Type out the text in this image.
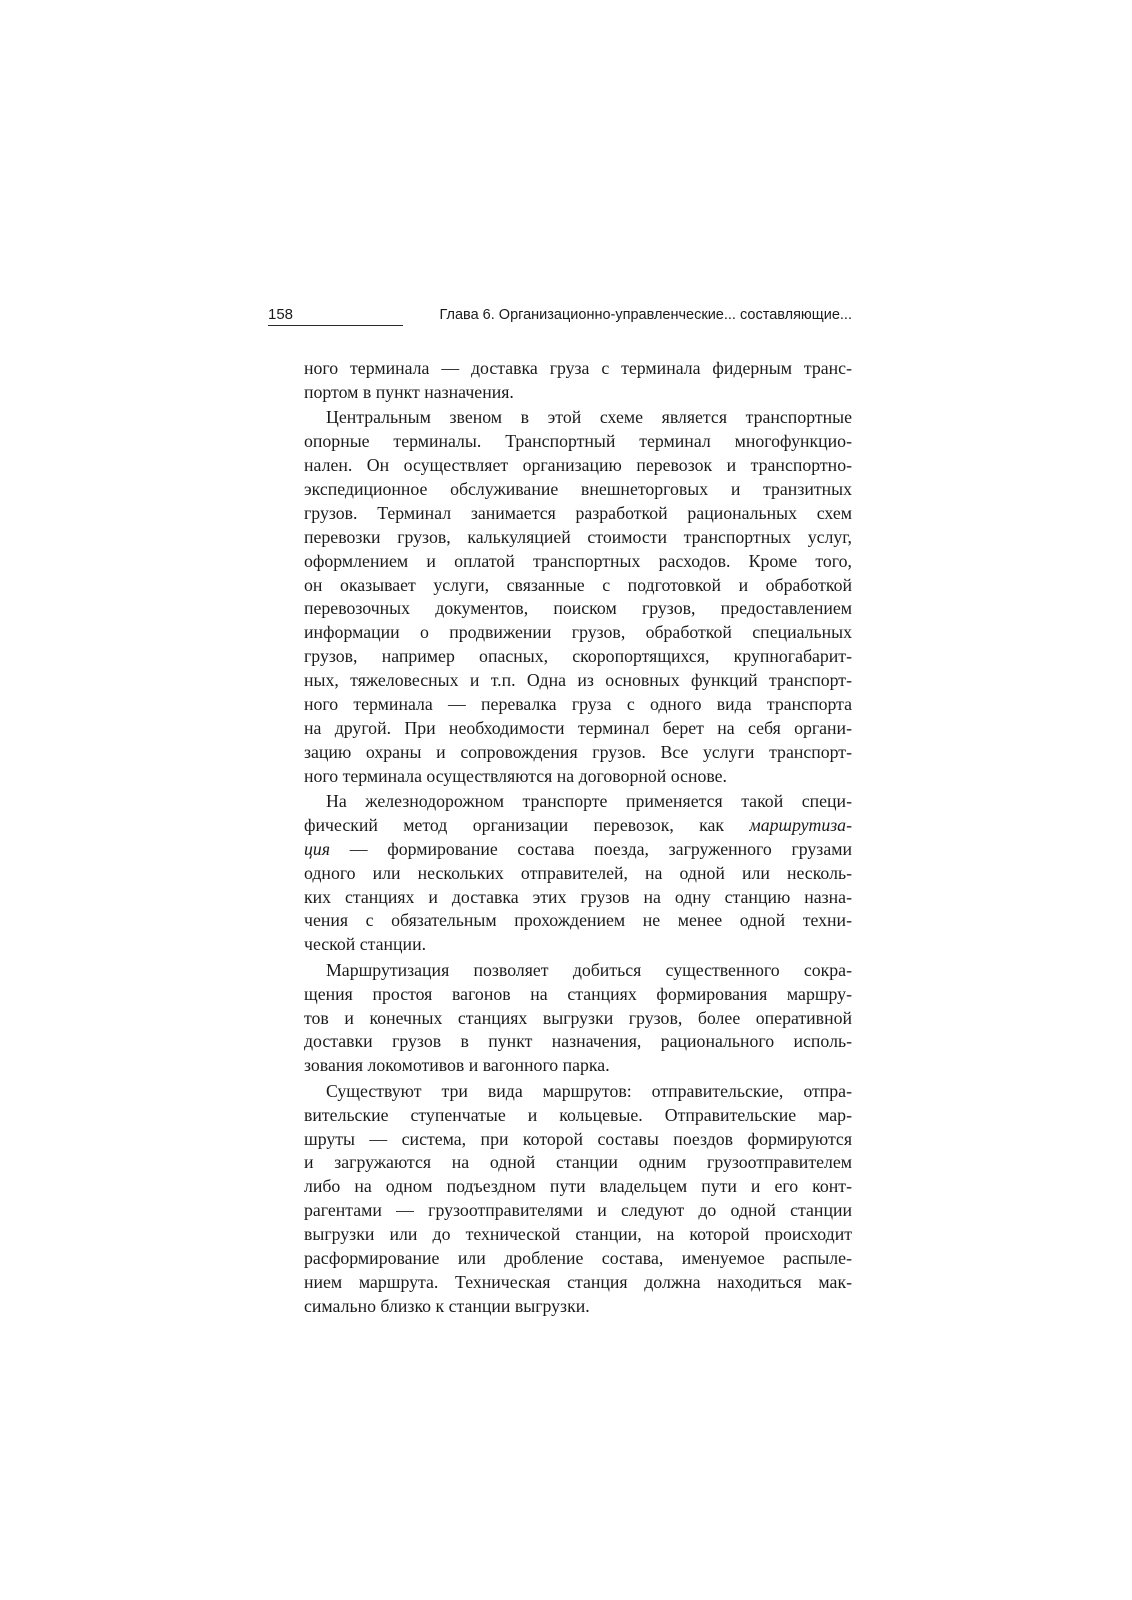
158	Глава 6. Организационно-управленческие... составляющие...
ного терминала — доставка груза с терминала фидерным транс-
портом в пункт назначения.
Центральным звеном в этой схеме является транспортные
опорные терминалы. Транспортный терминал многофункцио-
нален. Он осуществляет организацию перевозок и транспортно-
экспедиционное обслуживание внешнеторговых и транзитных
грузов. Терминал занимается разработкой рациональных схем
перевозки грузов, калькуляцией стоимости транспортных услуг,
оформлением и оплатой транспортных расходов. Кроме того,
он оказывает услуги, связанные с подготовкой и обработкой
перевозочных документов, поиском грузов, предоставлением
информации о продвижении грузов, обработкой специальных
грузов, например опасных, скоропортящихся, крупногабарит-
ных, тяжеловесных и т.п. Одна из основных функций транспорт-
ного терминала — перевалка груза с одного вида транспорта
на другой. При необходимости терминал берет на себя органи-
зацию охраны и сопровождения грузов. Все услуги транспорт-
ного терминала осуществляются на договорной основе.
На железнодорожном транспорте применяется такой специ-
фический метод организации перевозок, как маршрутиза-
ция — формирование состава поезда, загруженного грузами
одного или нескольких отправителей, на одной или несколь-
ких станциях и доставка этих грузов на одну станцию назна-
чения с обязательным прохождением не менее одной техни-
ческой станции.
Маршрутизация позволяет добиться существенного сокра-
щения простоя вагонов на станциях формирования маршру-
тов и конечных станциях выгрузки грузов, более оперативной
доставки грузов в пункт назначения, рационального исполь-
зования локомотивов и вагонного парка.
Существуют три вида маршрутов: отправительские, отпра-
вительские ступенчатые и кольцевые. Отправительские мар-
шруты — система, при которой составы поездов формируются
и загружаются на одной станции одним грузоотправителем
либо на одном подъездном пути владельцем пути и его конт-
рагентами — грузоотправителями и следуют до одной станции
выгрузки или до технической станции, на которой происходит
расформирование или дробление состава, именуемое распыле-
нием маршрута. Техническая станция должна находиться мак-
симально близко к станции выгрузки.
